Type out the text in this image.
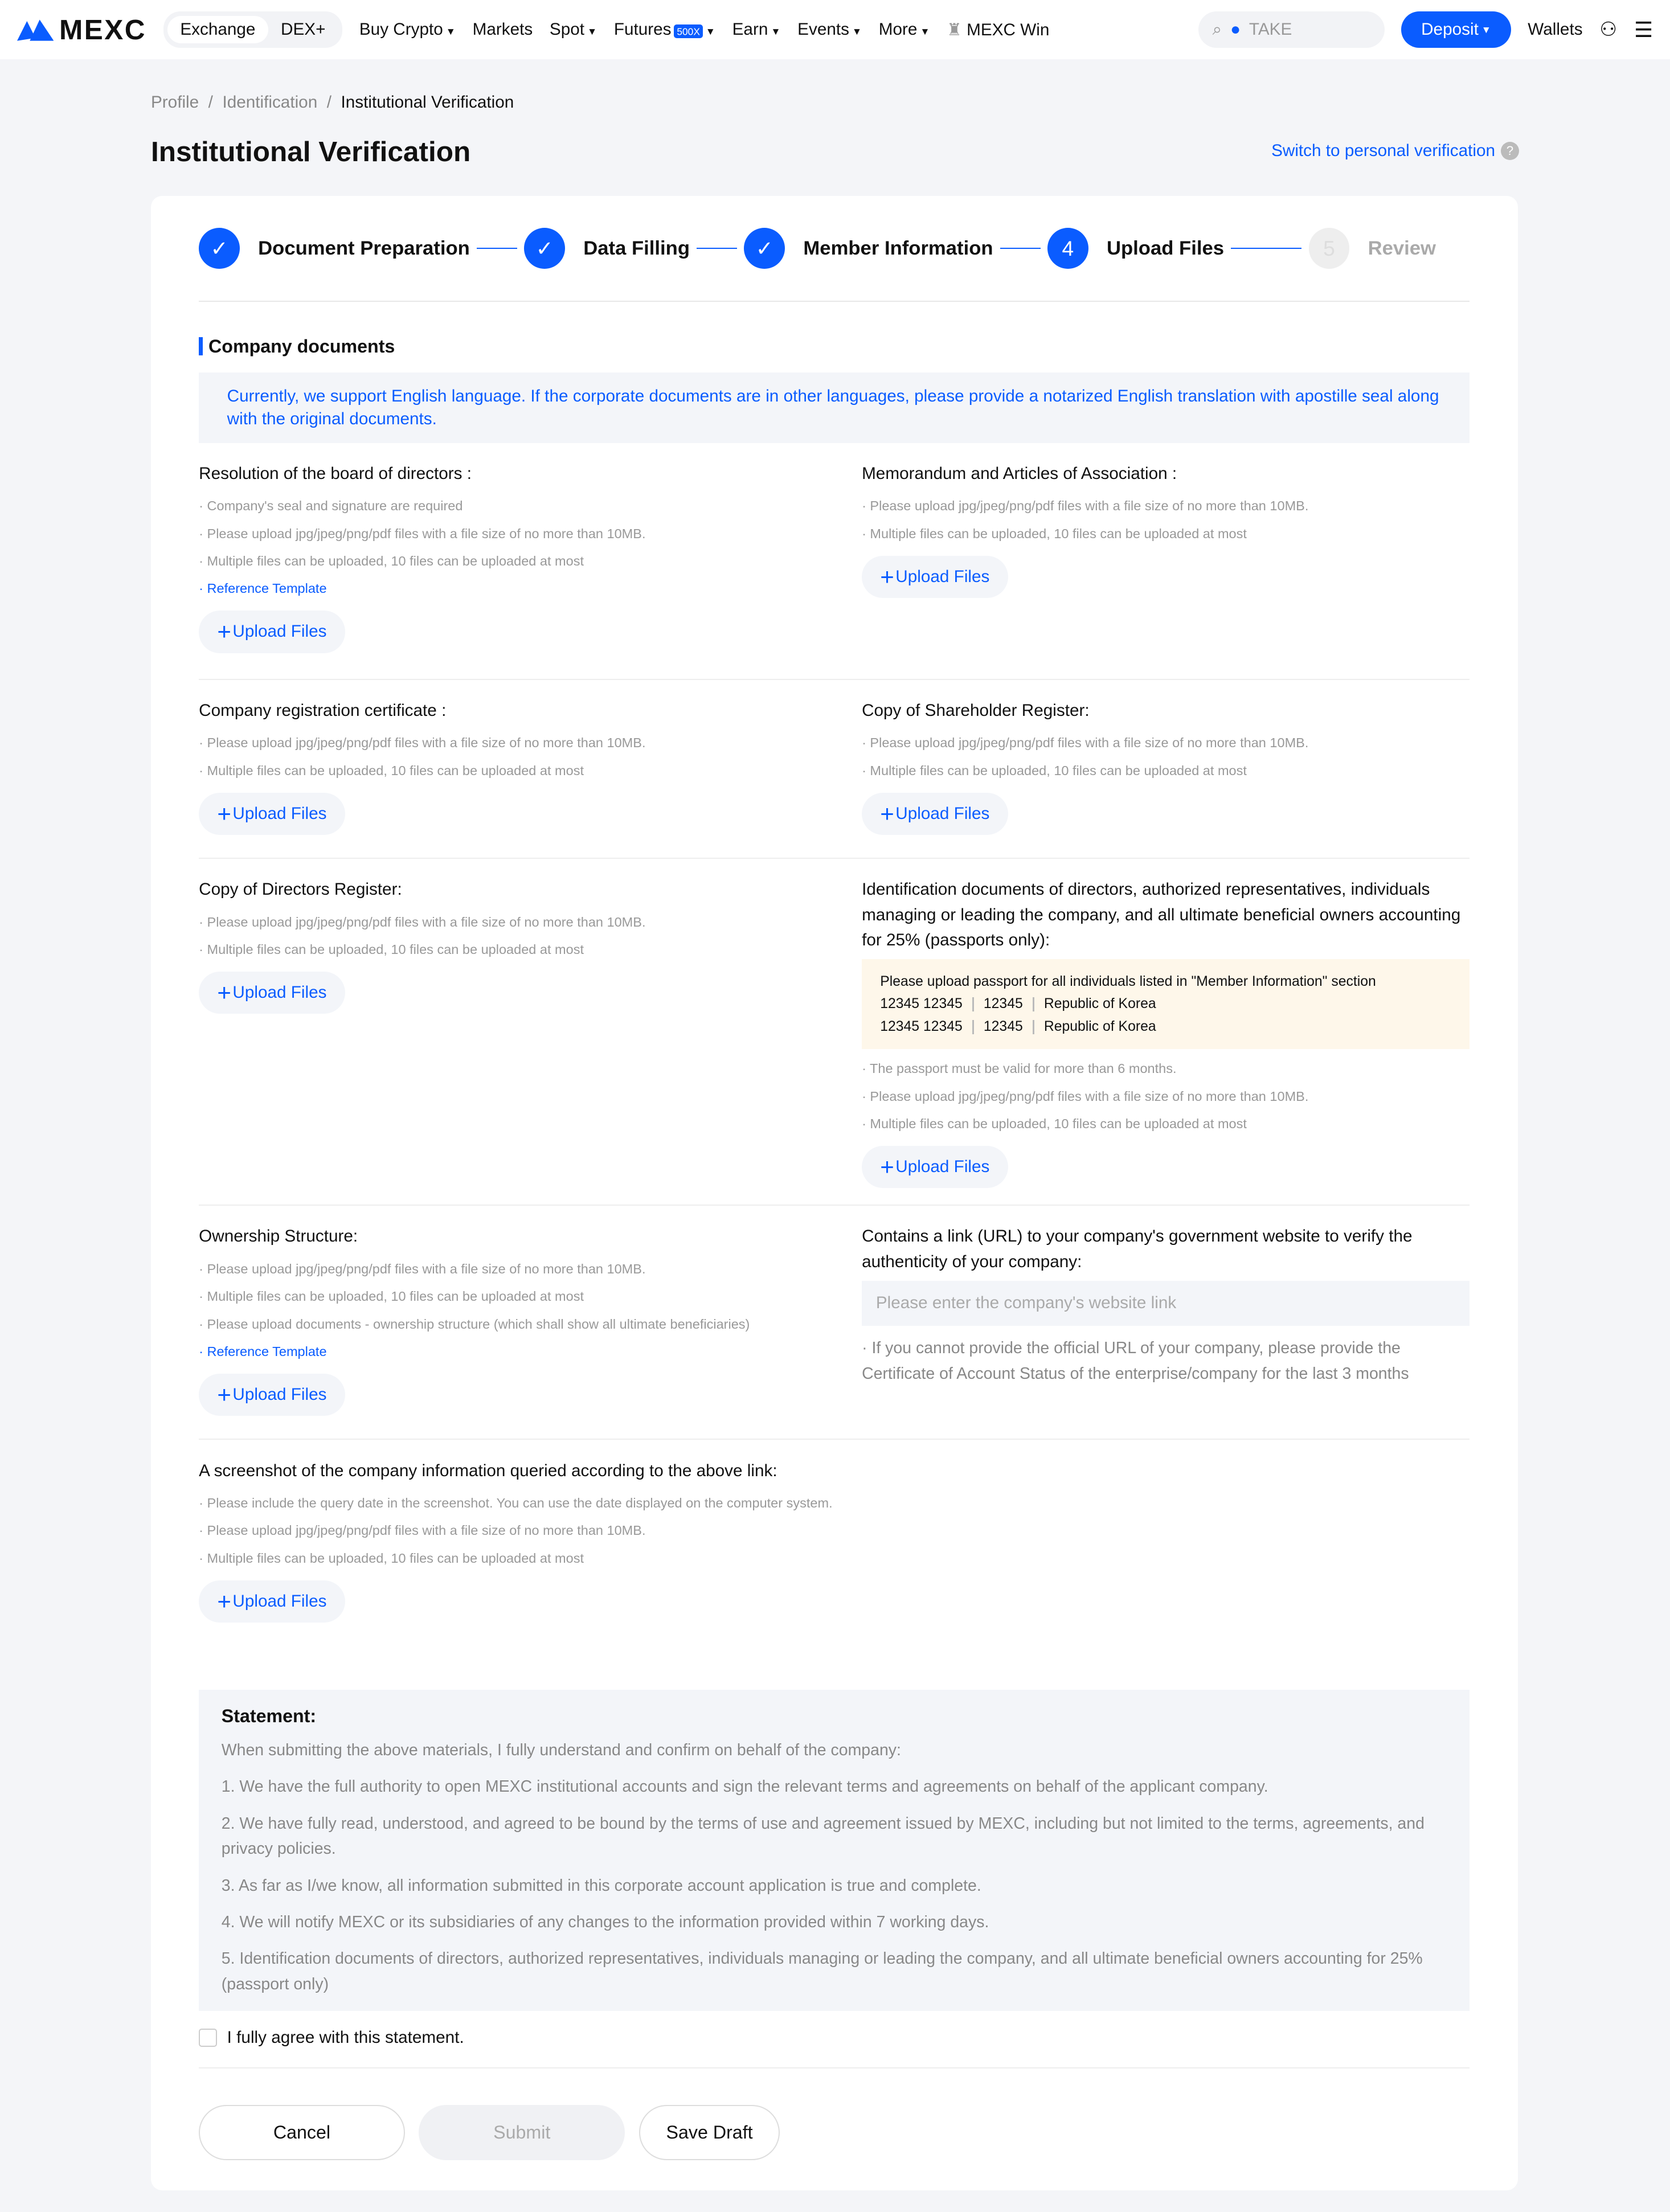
MEXC	Exchange	DEX+	Buy Crypto ▼ Markets Spot ▼ Futures 500X ▼ Earn ▼ Events ▼ More ▼ ♜ MEXC Win	⌕ ● TAKE	Deposit ▼	Wallets ⚇ ☰
Profile  /  Identification  /  Institutional Verification
Institutional Verification	Switch to personal verification	?
✓	Document Preparation	✓	Data Filling	✓	Member Information	4	Upload Files	5	Review
Company documents
Currently, we support English language. If the corporate documents are in other languages, please provide a notarized English translation with apostille seal along with the original documents.
Resolution of the board of directors :
· Company's seal and signature are required
· Please upload jpg/jpeg/png/pdf files with a file size of no more than 10MB.
· Multiple files can be uploaded, 10 files can be uploaded at most
· Reference Template
+ Upload Files
Memorandum and Articles of Association :
· Please upload jpg/jpeg/png/pdf files with a file size of no more than 10MB.
· Multiple files can be uploaded, 10 files can be uploaded at most
+ Upload Files
Company registration certificate :
· Please upload jpg/jpeg/png/pdf files with a file size of no more than 10MB.
· Multiple files can be uploaded, 10 files can be uploaded at most
+ Upload Files
Copy of Shareholder Register:
· Please upload jpg/jpeg/png/pdf files with a file size of no more than 10MB.
· Multiple files can be uploaded, 10 files can be uploaded at most
+ Upload Files
Copy of Directors Register:
· Please upload jpg/jpeg/png/pdf files with a file size of no more than 10MB.
· Multiple files can be uploaded, 10 files can be uploaded at most
+ Upload Files
Identification documents of directors, authorized representatives, individuals managing or leading the company, and all ultimate beneficial owners accounting for 25% (passports only):
Please upload passport for all individuals listed in "Member Information" section
12345 12345	12345	Republic of Korea
12345 12345	12345	Republic of Korea
· The passport must be valid for more than 6 months.
· Please upload jpg/jpeg/png/pdf files with a file size of no more than 10MB.
· Multiple files can be uploaded, 10 files can be uploaded at most
+ Upload Files
Ownership Structure:
· Please upload jpg/jpeg/png/pdf files with a file size of no more than 10MB.
· Multiple files can be uploaded, 10 files can be uploaded at most
· Please upload documents - ownership structure (which shall show all ultimate beneficiaries)
· Reference Template
+ Upload Files
Contains a link (URL) to your company's government website to verify the authenticity of your company:
Please enter the company's website link
· If you cannot provide the official URL of your company, please provide the Certificate of Account Status of the enterprise/company for the last 3 months
A screenshot of the company information queried according to the above link:
· Please include the query date in the screenshot. You can use the date displayed on the computer system.
· Please upload jpg/jpeg/png/pdf files with a file size of no more than 10MB.
· Multiple files can be uploaded, 10 files can be uploaded at most
+ Upload Files
Statement:

When submitting the above materials, I fully understand and confirm on behalf of the company:

1. We have the full authority to open MEXC institutional accounts and sign the relevant terms and agreements on behalf of the applicant company.

2. We have fully read, understood, and agreed to be bound by the terms of use and agreement issued by MEXC, including but not limited to the terms, agreements, and privacy policies.

3. As far as I/we know, all information submitted in this corporate account application is true and complete.

4. We will notify MEXC or its subsidiaries of any changes to the information provided within 7 working days.

5. Identification documents of directors, authorized representatives, individuals managing or leading the company, and all ultimate beneficial owners accounting for 25% (passport only)

I fully agree with this statement.
Cancel	Submit	Save Draft
